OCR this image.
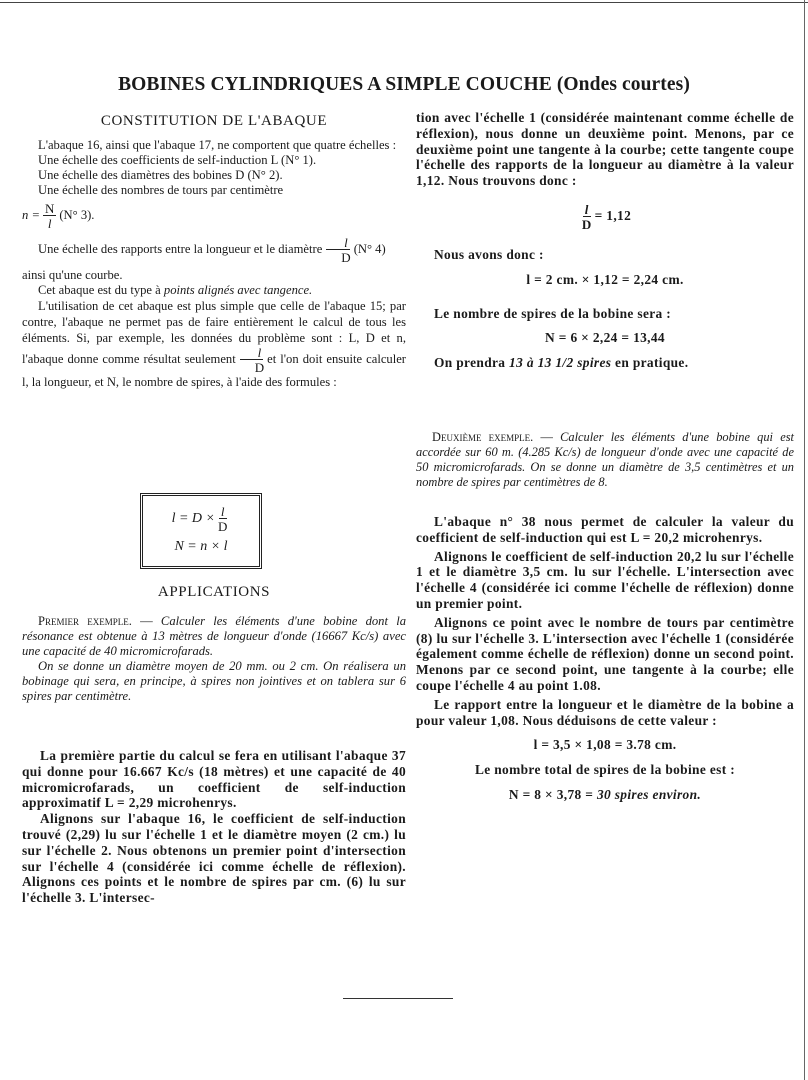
BOBINES CYLINDRIQUES A SIMPLE COUCHE (Ondes courtes)
CONSTITUTION DE L'ABAQUE

L'abaque 16, ainsi que l'abaque 17, ne comportent que quatre échelles :

Une échelle des coefficients de self-induction L (N° 1).

Une échelle des diamètres des bobines D (N° 2).

Une échelle des nombres de tours par centimètre

$n = \frac{N}{l} (N^\circ$ 3).

Une échelle des rapports entre la longueur et le diamètre $\frac{l}{D} (N^\circ$ 4)

ainsi qu'une courbe.

Cet abaque est du type à points alignés avec tangence.

L'utilisation de cet abaque est plus simple que celle de l'abaque 15; par contre, l'abaque ne permet pas de faire entièrement le calcul de tous les éléments. Si, par exemple, les données du problème sont : L, D et n, l'abaque donne comme résultat seulement $\frac{l}{D}$ et l'on doit ensuite calculer l, la longueur, et N, le nombre de spires, à l'aide des formules :

$l = D \times \frac{l}{D}$
N = n × l
APPLICATIONS

Premier exemple. — Calculer les éléments d'une bobine dont la résonance est obtenue à 13 mètres de longueur d'onde (16667 Kc/s) avec une capacité de 40 micromicrofarads.

On se donne un diamètre moyen de 20 mm. ou 2 cm. On réalisera un bobinage qui sera, en principe, à spires non jointives et on tablera sur 6 spires par centimètre.

La première partie du calcul se fera en utilisant l'abaque 37 qui donne pour 16.667 Kc/s (18 mètres) et une capacité de 40 micromicrofarads, un coefficient de self-induction approximatif L = 2,29 microhenrys.

Alignons sur l'abaque 16, le coefficient de self-induction trouvé (2,29) lu sur l'échelle 1 et le diamètre moyen (2 cm.) lu sur l'échelle 2. Nous obtenons un premier point d'intersection sur l'échelle 4 (considérée ici comme échelle de réflexion). Alignons ces points et le nombre de spires par cm. (6) lu sur l'échelle 3. L'intersec-

tion avec l'échelle 1 (considérée maintenant comme échelle de réflexion), nous donne un deuxième point. Menons, par ce deuxième point une tangente à la courbe; cette tangente coupe l'échelle des rapports de la longueur au diamètre à la valeur 1,12. Nous trouvons donc :

$\frac{l}{D} = 1,12$

Nous avons donc :

l = 2 cm. × 1,12 = 2,24 cm.

Le nombre de spires de la bobine sera :

N = 6 × 2,24 = 13,44

On prendra 13 à 13 1/2 spires en pratique.

Deuxième exemple. — Calculer les éléments d'une bobine qui est accordée sur 60 m. (4.285 Kc/s) de longueur d'onde avec une capacité de 50 micromicrofarads. On se donne un diamètre de 3,5 centimètres et un nombre de spires par centimètres de 8.

L'abaque n° 38 nous permet de calculer la valeur du coefficient de self-induction qui est L = 20,2 microhenrys.

Alignons le coefficient de self-induction 20,2 lu sur l'échelle 1 et le diamètre 3,5 cm. lu sur l'échelle. L'intersection avec l'échelle 4 (considérée ici comme l'échelle de réflexion) donne un premier point.

Alignons ce point avec le nombre de tours par centimètre (8) lu sur l'échelle 3. L'intersection avec l'échelle 1 (considérée également comme échelle de réflexion) donne un second point. Menons par ce second point, une tangente à la courbe; elle coupe l'échelle 4 au point 1.08.

Le rapport entre la longueur et le diamètre de la bobine a pour valeur 1,08. Nous déduisons de cette valeur :

l = 3,5 × 1,08 = 3.78 cm.

Le nombre total de spires de la bobine est :

N = 8 × 3,78 = 30 spires environ.
